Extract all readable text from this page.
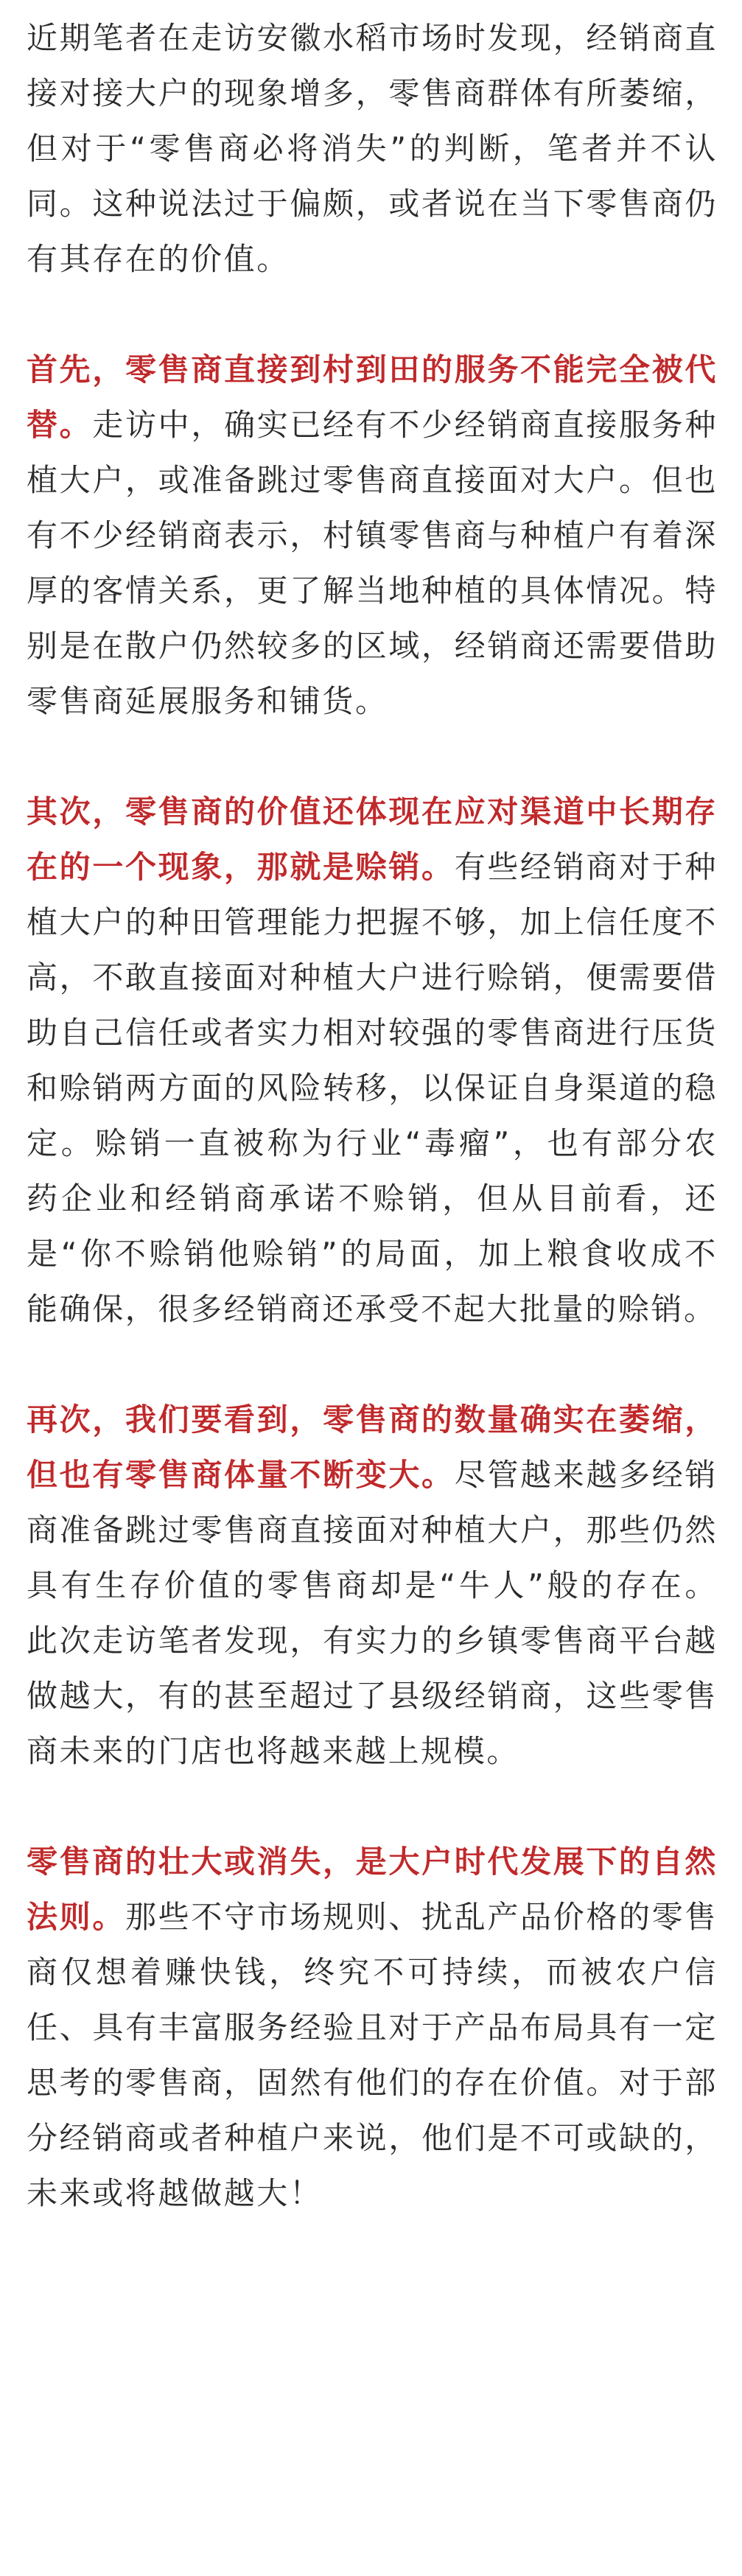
近期笔者在走访安徽水稻市场时发现，经销商直接对接大户的现象增多，零售商群体有所萎缩，但对于“零售商必将消失”的判断，笔者并不认同。这种说法过于偏颇，或者说在当下零售商仍有其存在的价值。

首先，零售商直接到村到田的服务不能完全被代替。走访中，确实已经有不少经销商直接服务种植大户，或准备跳过零售商直接面对大户。但也有不少经销商表示，村镇零售商与种植户有着深厚的客情关系，更了解当地种植的具体情况。特别是在散户仍然较多的区域，经销商还需要借助零售商延展服务和铺货。

其次，零售商的价值还体现在应对渠道中长期存在的一个现象，那就是赊销。有些经销商对于种植大户的种田管理能力把握不够，加上信任度不高，不敢直接面对种植大户进行赊销，便需要借助自己信任或者实力相对较强的零售商进行压货和赊销两方面的风险转移，以保证自身渠道的稳定。赊销一直被称为行业“毒瘤”，也有部分农药企业和经销商承诺不赊销，但从目前看，还是“你不赊销他赊销”的局面，加上粮食收成不能确保，很多经销商还承受不起大批量的赊销。

再次，我们要看到，零售商的数量确实在萎缩，但也有零售商体量不断变大。尽管越来越多经销商准备跳过零售商直接面对种植大户，那些仍然具有生存价值的零售商却是“牛人”般的存在。此次走访笔者发现，有实力的乡镇零售商平台越做越大，有的甚至超过了县级经销商，这些零售商未来的门店也将越来越上规模。

零售商的壮大或消失，是大户时代发展下的自然法则。那些不守市场规则、扰乱产品价格的零售商仅想着赚快钱，终究不可持续，而被农户信任、具有丰富服务经验且对于产品布局具有一定思考的零售商，固然有他们的存在价值。对于部分经销商或者种植户来说，他们是不可或缺的，未来或将越做越大！
